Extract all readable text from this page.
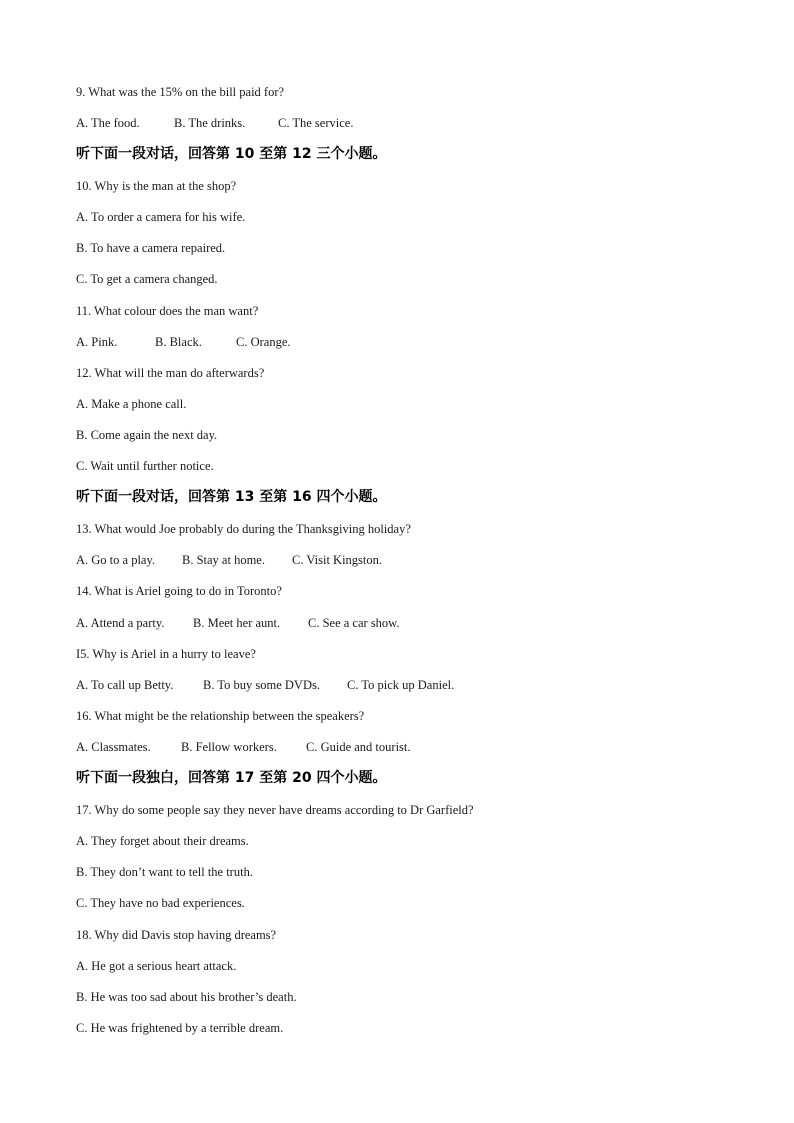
9. What was the 15% on the bill paid for?
A. The food.	B. The drinks.	C. The service.
听下面一段对话，回答第 10 至第 12 三个小题。
10. Why is the man at the shop?
A. To order a camera for his wife.
B. To have a camera repaired.
C. To get a camera changed.
11. What colour does the man want?
A. Pink.	B. Black.	C. Orange.
12. What will the man do afterwards?
A. Make a phone call.
B. Come again the next day.
C. Wait until further notice.
听下面一段对话，回答第 13 至第 16 四个小题。
13. What would Joe probably do during the Thanksgiving holiday?
A. Go to a play.	B. Stay at home.	C. Visit Kingston.
14. What is Ariel going to do in Toronto?
A. Attend a party.	B. Meet her aunt.	C. See a car show.
I5. Why is Ariel in a hurry to leave?
A. To call up Betty.	B. To buy some DVDs.	C. To pick up Daniel.
16. What might be the relationship between the speakers?
A. Classmates.	B. Fellow workers.	C. Guide and tourist.
听下面一段独白，回答第 17 至第 20 四个小题。
17. Why do some people say they never have dreams according to Dr Garfield?
A. They forget about their dreams.
B. They don’t want to tell the truth.
C. They have no bad experiences.
18. Why did Davis stop having dreams?
A. He got a serious heart attack.
B. He was too sad about his brother’s death.
C. He was frightened by a terrible dream.
